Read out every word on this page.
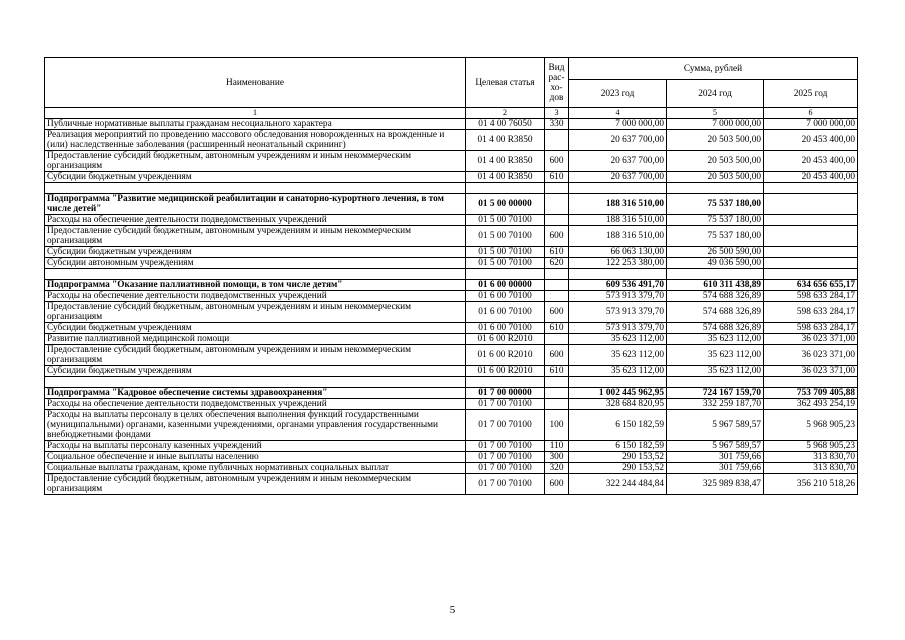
Наименование	Целевая статья	Вид рас- хо- дов	Сумма, рублей		
			2023 год	2024 год	2025 год
1	2	3	4	5	6
Публичные нормативные выплаты гражданам несоциального характера	01 4 00 76050	330	7 000 000,00	7 000 000,00	7 000 000,00
Реализация мероприятий по проведению массового обследования новорожденных на врожденные и (или) наследственные заболевания (расширенный неонатальный скрининг)	01 4 00 R3850		20 637 700,00	20 503 500,00	20 453 400,00
Предоставление субсидий бюджетным, автономным учреждениям и иным некоммерческим организациям	01 4 00 R3850	600	20 637 700,00	20 503 500,00	20 453 400,00
Субсидии бюджетным учреждениям	01 4 00 R3850	610	20 637 700,00	20 503 500,00	20 453 400,00

Подпрограмма "Развитие медицинской реабилитации и санаторно-курортного лечения, в том числе детей"	01 5 00 00000		188 316 510,00	75 537 180,00	
Расходы на обеспечение деятельности подведомственных учреждений	01 5 00 70100		188 316 510,00	75 537 180,00	
Предоставление субсидий бюджетным, автономным учреждениям и иным некоммерческим организациям	01 5 00 70100	600	188 316 510,00	75 537 180,00	
Субсидии бюджетным учреждениям	01 5 00 70100	610	66 063 130,00	26 500 590,00	
Субсидии автономным учреждениям	01 5 00 70100	620	122 253 380,00	49 036 590,00	

Подпрограмма "Оказание паллиативной помощи, в том числе детям"	01 6 00 00000		609 536 491,70	610 311 438,89	634 656 655,17
Расходы на обеспечение деятельности подведомственных учреждений	01 6 00 70100		573 913 379,70	574 688 326,89	598 633 284,17
Предоставление субсидий бюджетным, автономным учреждениям и иным некоммерческим организациям	01 6 00 70100	600	573 913 379,70	574 688 326,89	598 633 284,17
Субсидии бюджетным учреждениям	01 6 00 70100	610	573 913 379,70	574 688 326,89	598 633 284,17
Развитие паллиативной медицинской помощи	01 6 00 R2010		35 623 112,00	35 623 112,00	36 023 371,00
Предоставление субсидий бюджетным, автономным учреждениям и иным некоммерческим организациям	01 6 00 R2010	600	35 623 112,00	35 623 112,00	36 023 371,00
Субсидии бюджетным учреждениям	01 6 00 R2010	610	35 623 112,00	35 623 112,00	36 023 371,00

Подпрограмма "Кадровое обеспечение системы здравоохранения"	01 7 00 00000		1 002 445 962,95	724 167 159,70	753 709 405,88
Расходы на обеспечение деятельности подведомственных учреждений	01 7 00 70100		328 684 820,95	332 259 187,70	362 493 254,19
Расходы на выплаты персоналу в целях обеспечения выполнения функций государственными (муниципальными) органами, казенными учреждениями, органами управления государственными внебюджетными фондами	01 7 00 70100	100	6 150 182,59	5 967 589,57	5 968 905,23
Расходы на выплаты персоналу казенных учреждений	01 7 00 70100	110	6 150 182,59	5 967 589,57	5 968 905,23
Социальное обеспечение и иные выплаты населению	01 7 00 70100	300	290 153,52	301 759,66	313 830,70
Социальные выплаты гражданам, кроме публичных нормативных социальных выплат	01 7 00 70100	320	290 153,52	301 759,66	313 830,70
Предоставление субсидий бюджетным, автономным учреждениям и иным некоммерческим организациям	01 7 00 70100	600	322 244 484,84	325 989 838,47	356 210 518,26
5
